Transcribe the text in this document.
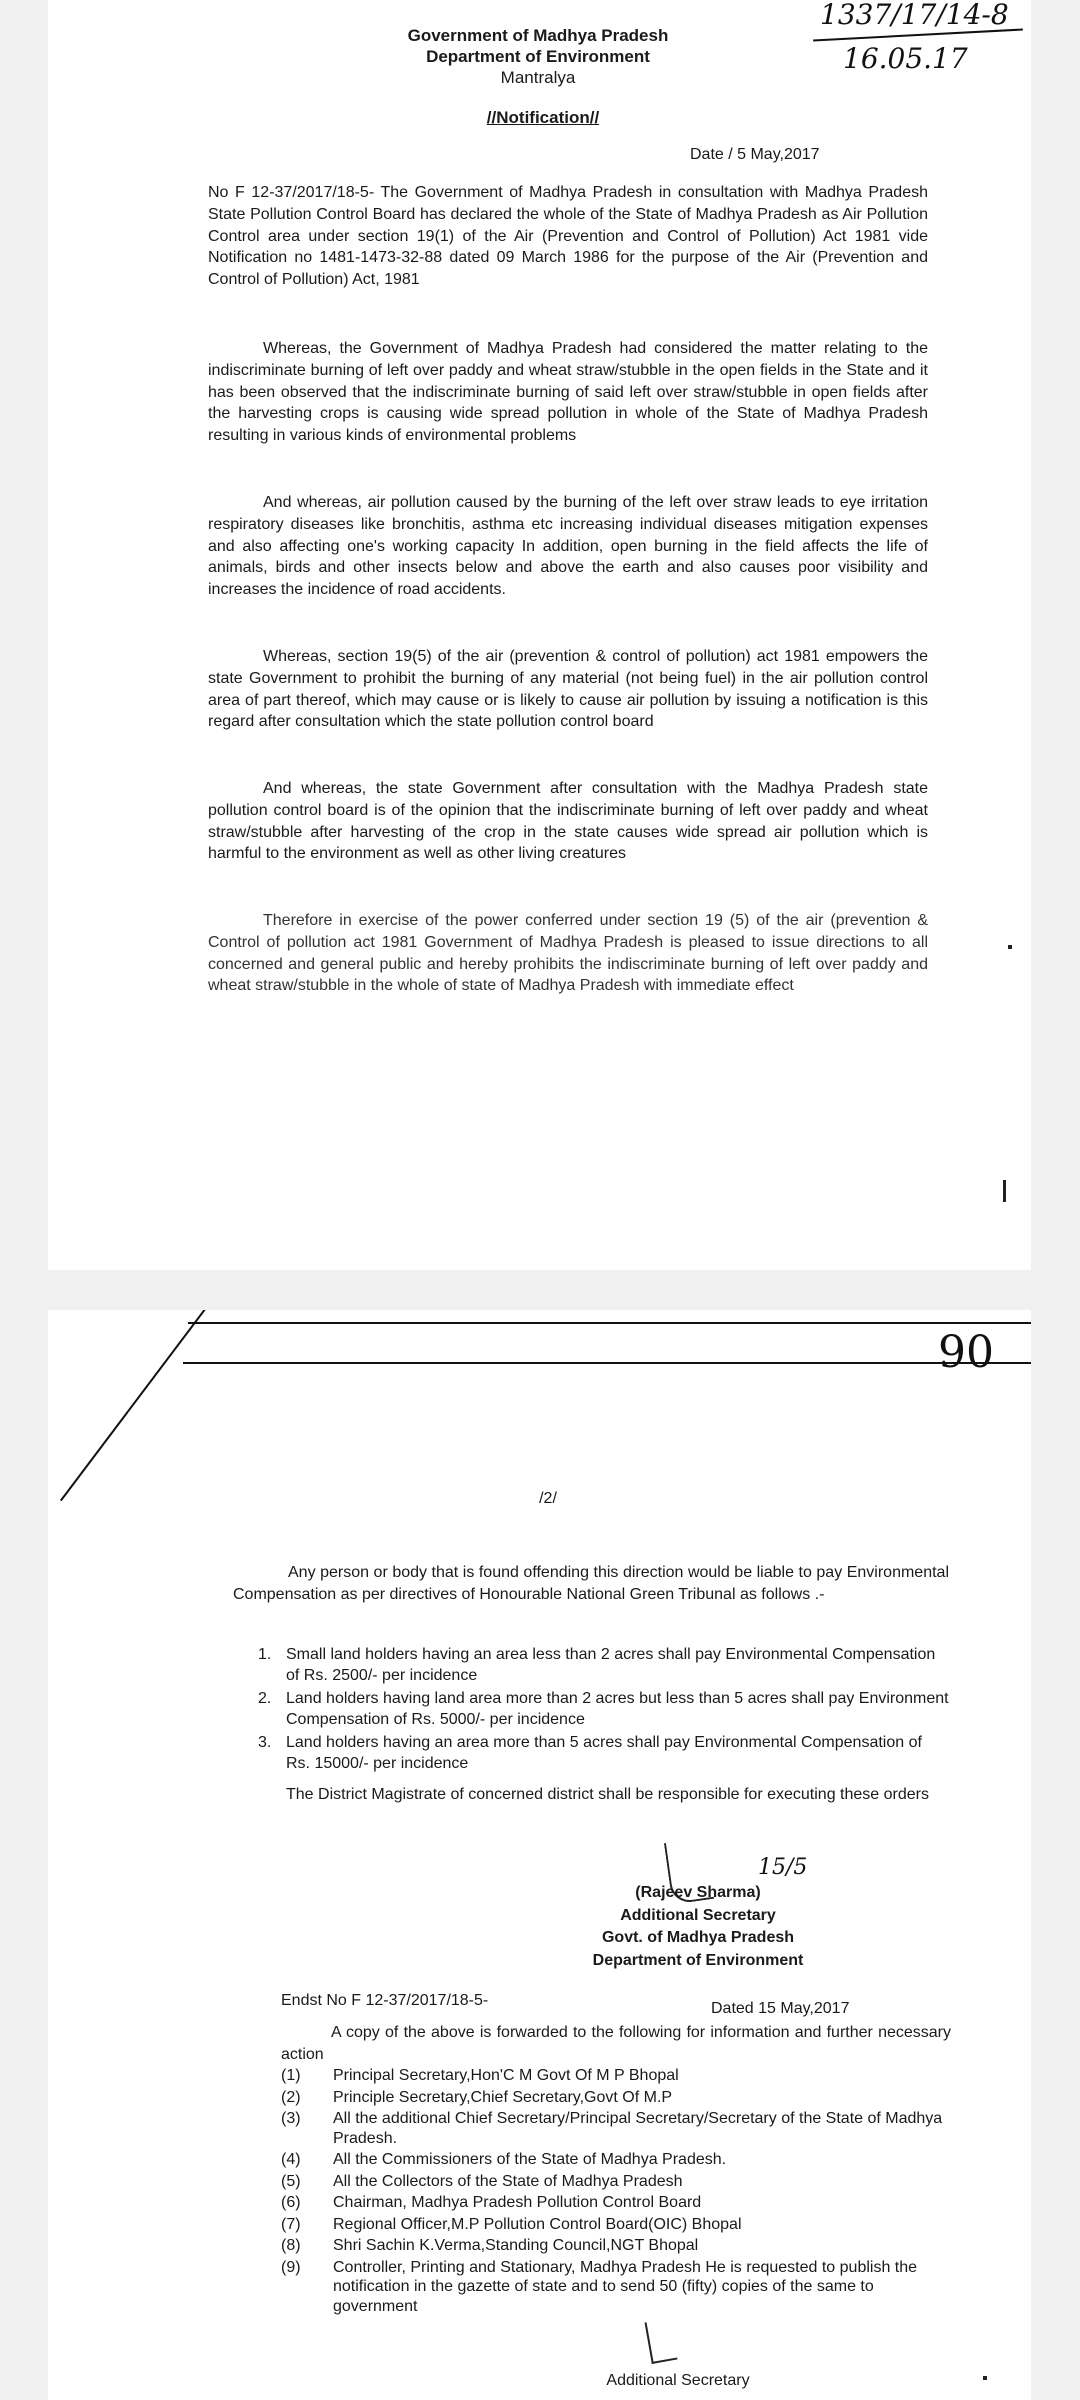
1337/17/14-8
16.05.17
Government of Madhya Pradesh
Department of Environment
Mantralya
//Notification//
Date / 5 May,2017

No F 12-37/2017/18-5- The Government of Madhya Pradesh in consultation with Madhya Pradesh State Pollution Control Board has declared the whole of the State of Madhya Pradesh as Air Pollution Control area under section 19(1) of the Air (Prevention and Control of Pollution) Act 1981 vide Notification no 1481-1473-32-88 dated 09 March 1986 for the purpose of the Air (Prevention and Control of Pollution) Act, 1981

Whereas, the Government of Madhya Pradesh had considered the matter relating to the indiscriminate burning of left over paddy and wheat straw/stubble in the open fields in the State and it has been observed that the indiscriminate burning of said left over straw/stubble in open fields after the harvesting crops is causing wide spread pollution in whole of the State of Madhya Pradesh resulting in various kinds of environmental problems

And whereas, air pollution caused by the burning of the left over straw leads to eye irritation respiratory diseases like bronchitis, asthma etc increasing individual diseases mitigation expenses and also affecting one's working capacity In addition, open burning in the field affects the life of animals, birds and other insects below and above the earth and also causes poor visibility and increases the incidence of road accidents.

Whereas, section 19(5) of the air (prevention & control of pollution) act 1981 empowers the state Government to prohibit the burning of any material (not being fuel) in the air pollution control area of part thereof, which may cause or is likely to cause air pollution by issuing a notification is this regard after consultation which the state pollution control board

And whereas, the state Government after consultation with the Madhya Pradesh state pollution control board is of the opinion that the indiscriminate burning of left over paddy and wheat straw/stubble after harvesting of the crop in the state causes wide spread air pollution which is harmful to the environment as well as other living creatures

Therefore in exercise of the power conferred under section 19 (5) of the air (prevention & Control of pollution act 1981 Government of Madhya Pradesh is pleased to issue directions to all concerned and general public and hereby prohibits the indiscriminate burning of left over paddy and wheat straw/stubble in the whole of state of Madhya Pradesh with immediate effect

90
/2/

Any person or body that is found offending this direction would be liable to pay Environmental Compensation as per directives of Honourable National Green Tribunal as follows .-

1. Small land holders having an area less than 2 acres shall pay Environmental Compensation of Rs. 2500/- per incidence
2. Land holders having land area more than 2 acres but less than 5 acres shall pay Environment Compensation of Rs. 5000/- per incidence
3. Land holders having an area more than 5 acres shall pay Environmental Compensation of Rs. 15000/- per incidence

The District Magistrate of concerned district shall be responsible for executing these orders

15/5
(Rajeev Sharma)
Additional Secretary
Govt. of Madhya Pradesh
Department of Environment
Endst No F 12-37/2017/18-5-	Dated 15 May,2017

A copy of the above is forwarded to the following for information and further necessary action

(1) Principal Secretary,Hon'C M Govt Of M P Bhopal
(2) Principle Secretary,Chief Secretary,Govt Of M.P
(3) All the additional Chief Secretary/Principal Secretary/Secretary of the State of Madhya Pradesh.
(4) All the Commissioners of the State of Madhya Pradesh.
(5) All the Collectors of the State of Madhya Pradesh
(6) Chairman, Madhya Pradesh Pollution Control Board
(7) Regional Officer,M.P Pollution Control Board(OIC) Bhopal
(8) Shri Sachin K.Verma,Standing Council,NGT Bhopal
(9) Controller, Printing and Stationary, Madhya Pradesh He is requested to publish the notification in the gazette of state and to send 50 (fifty) copies of the same to government
Additional Secretary
